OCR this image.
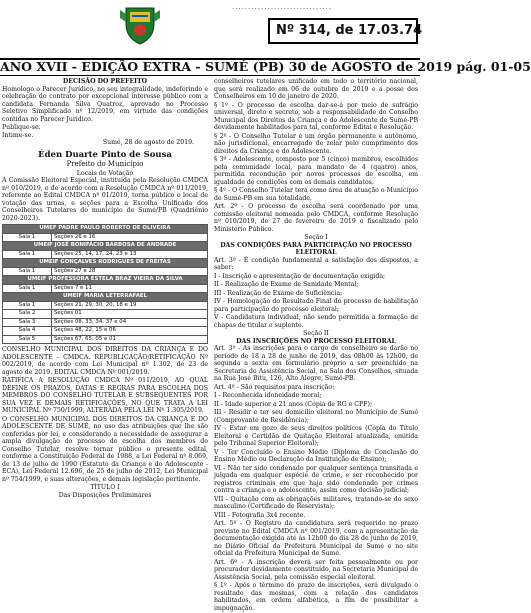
·······························
Nº 314, de 17.03.74
ANO XVII - EDIÇÃO EXTRA - SUMÉ (PB) 30 de AGOSTO de 2019 pág. 01-05
DECISÃO DO PREFEITO

Homologo o Parecer Jurídico, no seu integralidade, indeferindo e celebração do contrato por excepcional interesse público com a candidata Fernanda Silva Quatroz, aprovado no Processo Seletivo Simplificado nº 12/2019, em virtude das condições contidas no Parecer Jurídico.

Publique-se.
Intime-se.
Sumé, 28 de agosto de 2019.
Éden Duarte Pinto de Sousa
Prefeito do Município
Locais de Votação

A Comissão Eleitoral Especial, instituída pela Resolução CMDCA nº 010/2019, e de acordo com a Resolução CMDCA nº 011/2019, referente ao Edital CMDCA nº 01/2019, torna público o local de votação das urnas, e seções para a Escolha Unificada dos Conselheiros Tutelares do município de Sumé/PB (Quadriênio 2020-2023).

UMEF PADRE PAULO ROBERTO DE OLIVEIRA	
Sala 1	Seções 26 e 16
UMEIF JOSÉ BONIFÁCIO BARBOSA DE ANDRADE	
Sala 1	Seções 25, 14, 17, 24, 23 e 13
UMEIF GONÇALVES RODRIGUES DE FREITAS	
Sala 1	Seções 27 e 28
UMEIF PROFESSORA ESTELA BRAZ VIEIRA DA SILVA	
Sala 1	Seções 7 e 11
UMEIF MARIA LETERRAFAEL	
Sala 1	Seções 21, 29, 30, 20, 18 e 19
Sala 2	Seções 01
Sala 3	Seções 08, 33, 34, 37 e 04
Sala 4	Seções 48, 22, 15 e 06
Sala 5	Seções 67, 65, 05 e 01

CONSELHO MUNICIPAL DOS DIREITOS DA CRIANÇA E DO ADOLESCENTE - CMDCA. REPUBLICAÇÃO/RETIFICAÇÃO Nº 002/2019, de acordo com Lei Municipal nº 1.302, de 23 de agosto de 2019. EDITAL CMDCA Nº 001/2019.

RATIFICA A RESOLUÇÃO CMDCA Nº 011/2019, AO QUAL DEFINE OS PRAZOS, DATAS E REGRAS PARA ESCOLHA DOS MEMBROS DO CONSELHO TUTELAR E SUBSEQUENTES POR SUA VEZ E DEMAIS RETIFICAÇÕES, NO QUE TRATA A LEI MUNICIPAL Nº 750/1999, ALTERADA PELA LEI Nº 1.305/2019.

O CONSELHO MUNICIPAL DOS DIREITOS DA CRIANÇA E DO ADOLESCENTE DE SUMÉ, no uso das atribuições que lhe são conferidas por lei, e considerando a necessidade de assegurar a ampla divulgação do processo de escolha dos membros do Conselho Tutelar, resolve tornar público o presente edital, conforme a Constituição Federal de 1988, a Lei Federal nº 8.069, de 13 de julho de 1990 (Estatuto da Criança e do Adolescente - ECA), Lei Federal 12.696, de 25 de julho de 2012, Lei Municipal nº 754/1999, e suas alterações, e demais legislação pertinente.

TÍTULO I
Das Disposições Preliminares

conselheiros tutelares unificado em todo o território nacional, que será realizado em 06 de outubro de 2019 e a posse dos Conselheiros em 10 de janeiro de 2020.

§ 1º - O processo de escolha dar-se-á por meio de sufrágio universal, direto e secreto, sob a responsabilidade do Conselho Municipal dos Direitos da Criança e do Adolescente de Sumé-PB devidamente habilitados para tal, conforme Edital e Resolução.

§ 2º - O Conselho Tutelar é um órgão permanente e autônomo, não jurisdicional, encarregado de zelar pelo cumprimento dos direitos da Criança e do Adolescente.

§ 3º - Adolescente, composto por 5 (cinco) membros, escolhidos pela comunidade local, para mandato de 4 (quatro) anos, permitida recondução por novos processos de escolha, em igualdade de condições com os demais candidatos.

§ 4º - O Conselho Tutelar terá como área de atuação o Município de Sumé-PB em sua totalidade.

Art. 2º - O processo de escolha será coordenado por uma comissão eleitoral nomeada pelo CMDCA, conforme Resolução nº 010/2019, de 27 de fevereiro de 2019 e fiscalizado pelo Ministério Público.

Seção I
DAS CONDIÇÕES PARA PARTICIPAÇÃO NO PROCESSO ELEITORAL

Art. 3º - É condição fundamental a satisfação dos dispostos, a saber:

I - Inscrição e apresentação de documentação exigida;

II - Realização de Exame de Sanidade Mental;

III - Realização de Exame de Suficiência;

IV - Homologação do Resultado Final do processo de habilitação para participação do processo eleitoral;

V - Candidatura individual, não sendo permitida a formação de chapas de titular e suplente.

Seção II
DAS INSCRIÇÕES NO PROCESSO ELEITORAL

Art. 3º - As inscrições para o cargo de conselheiro se darão no período de 18 a 28 de junho de 2019, das 08h00 às 12h00, de segunda a sexta em formulário próprio a ser preenchido na Secretaria de Assistência Social, na Sala dos Conselhos, situada na Rua José Bitu, 126, Alto Alegre, Sumé-PB.

Art. 4º - São requisitos para inscrição:

I - Reconhecida idoneidade moral;

II - Idade superior a 21 anos (Cópia de RG e CPF);

III - Residir e ter seu domicílio eleitoral no Município de Sumé (Comprovante de Residência);

IV - Estar em gozo de seus direitos políticos (Cópia do Título Eleitoral e Certidão de Quitação Eleitoral atualizada, emitida pelo Tribunal Superior Eleitoral);

V - Ter Concluído o Ensino Médio (Diploma de Conclusão do Ensino Médio ou Declaração da Instituição de Ensino);

VI - Não ter sido condenado por qualquer sentença transitada e julgada em qualquer espécie de crime, e ser reconhecido por registros criminais em que haja sido condenado por crimes contra a criança e o adolescente, assim como decisão judicial;

VII - Quitação com as obrigações militares, tratando-se do sexo masculino (Certificado de Reservista);

VIII - Fotografia 3x4 recente.

Art. 5º - O Registro da candidatura será requerido no prazo previsto no Edital CMDCA nº 001/2019, com a apresentação da documentação exigida até às 12h00 do dia 28 de junho de 2019, no Diário Oficial da Prefeitura Municipal de Sumé e no site oficial da Prefeitura Municipal de Sumé.

Art. 6º - A inscrição deverá ser feita pessoalmente ou por procurador devidamente constituído, na Secretaria Municipal de Assistência Social, pela comissão especial eleitoral.

§ 1º - Após o término do prazo de inscrições, será divulgado o resultado das mesmas, com a relação dos candidatos habilitados, em ordem alfabética, a fim de possibilitar a impugnação.
